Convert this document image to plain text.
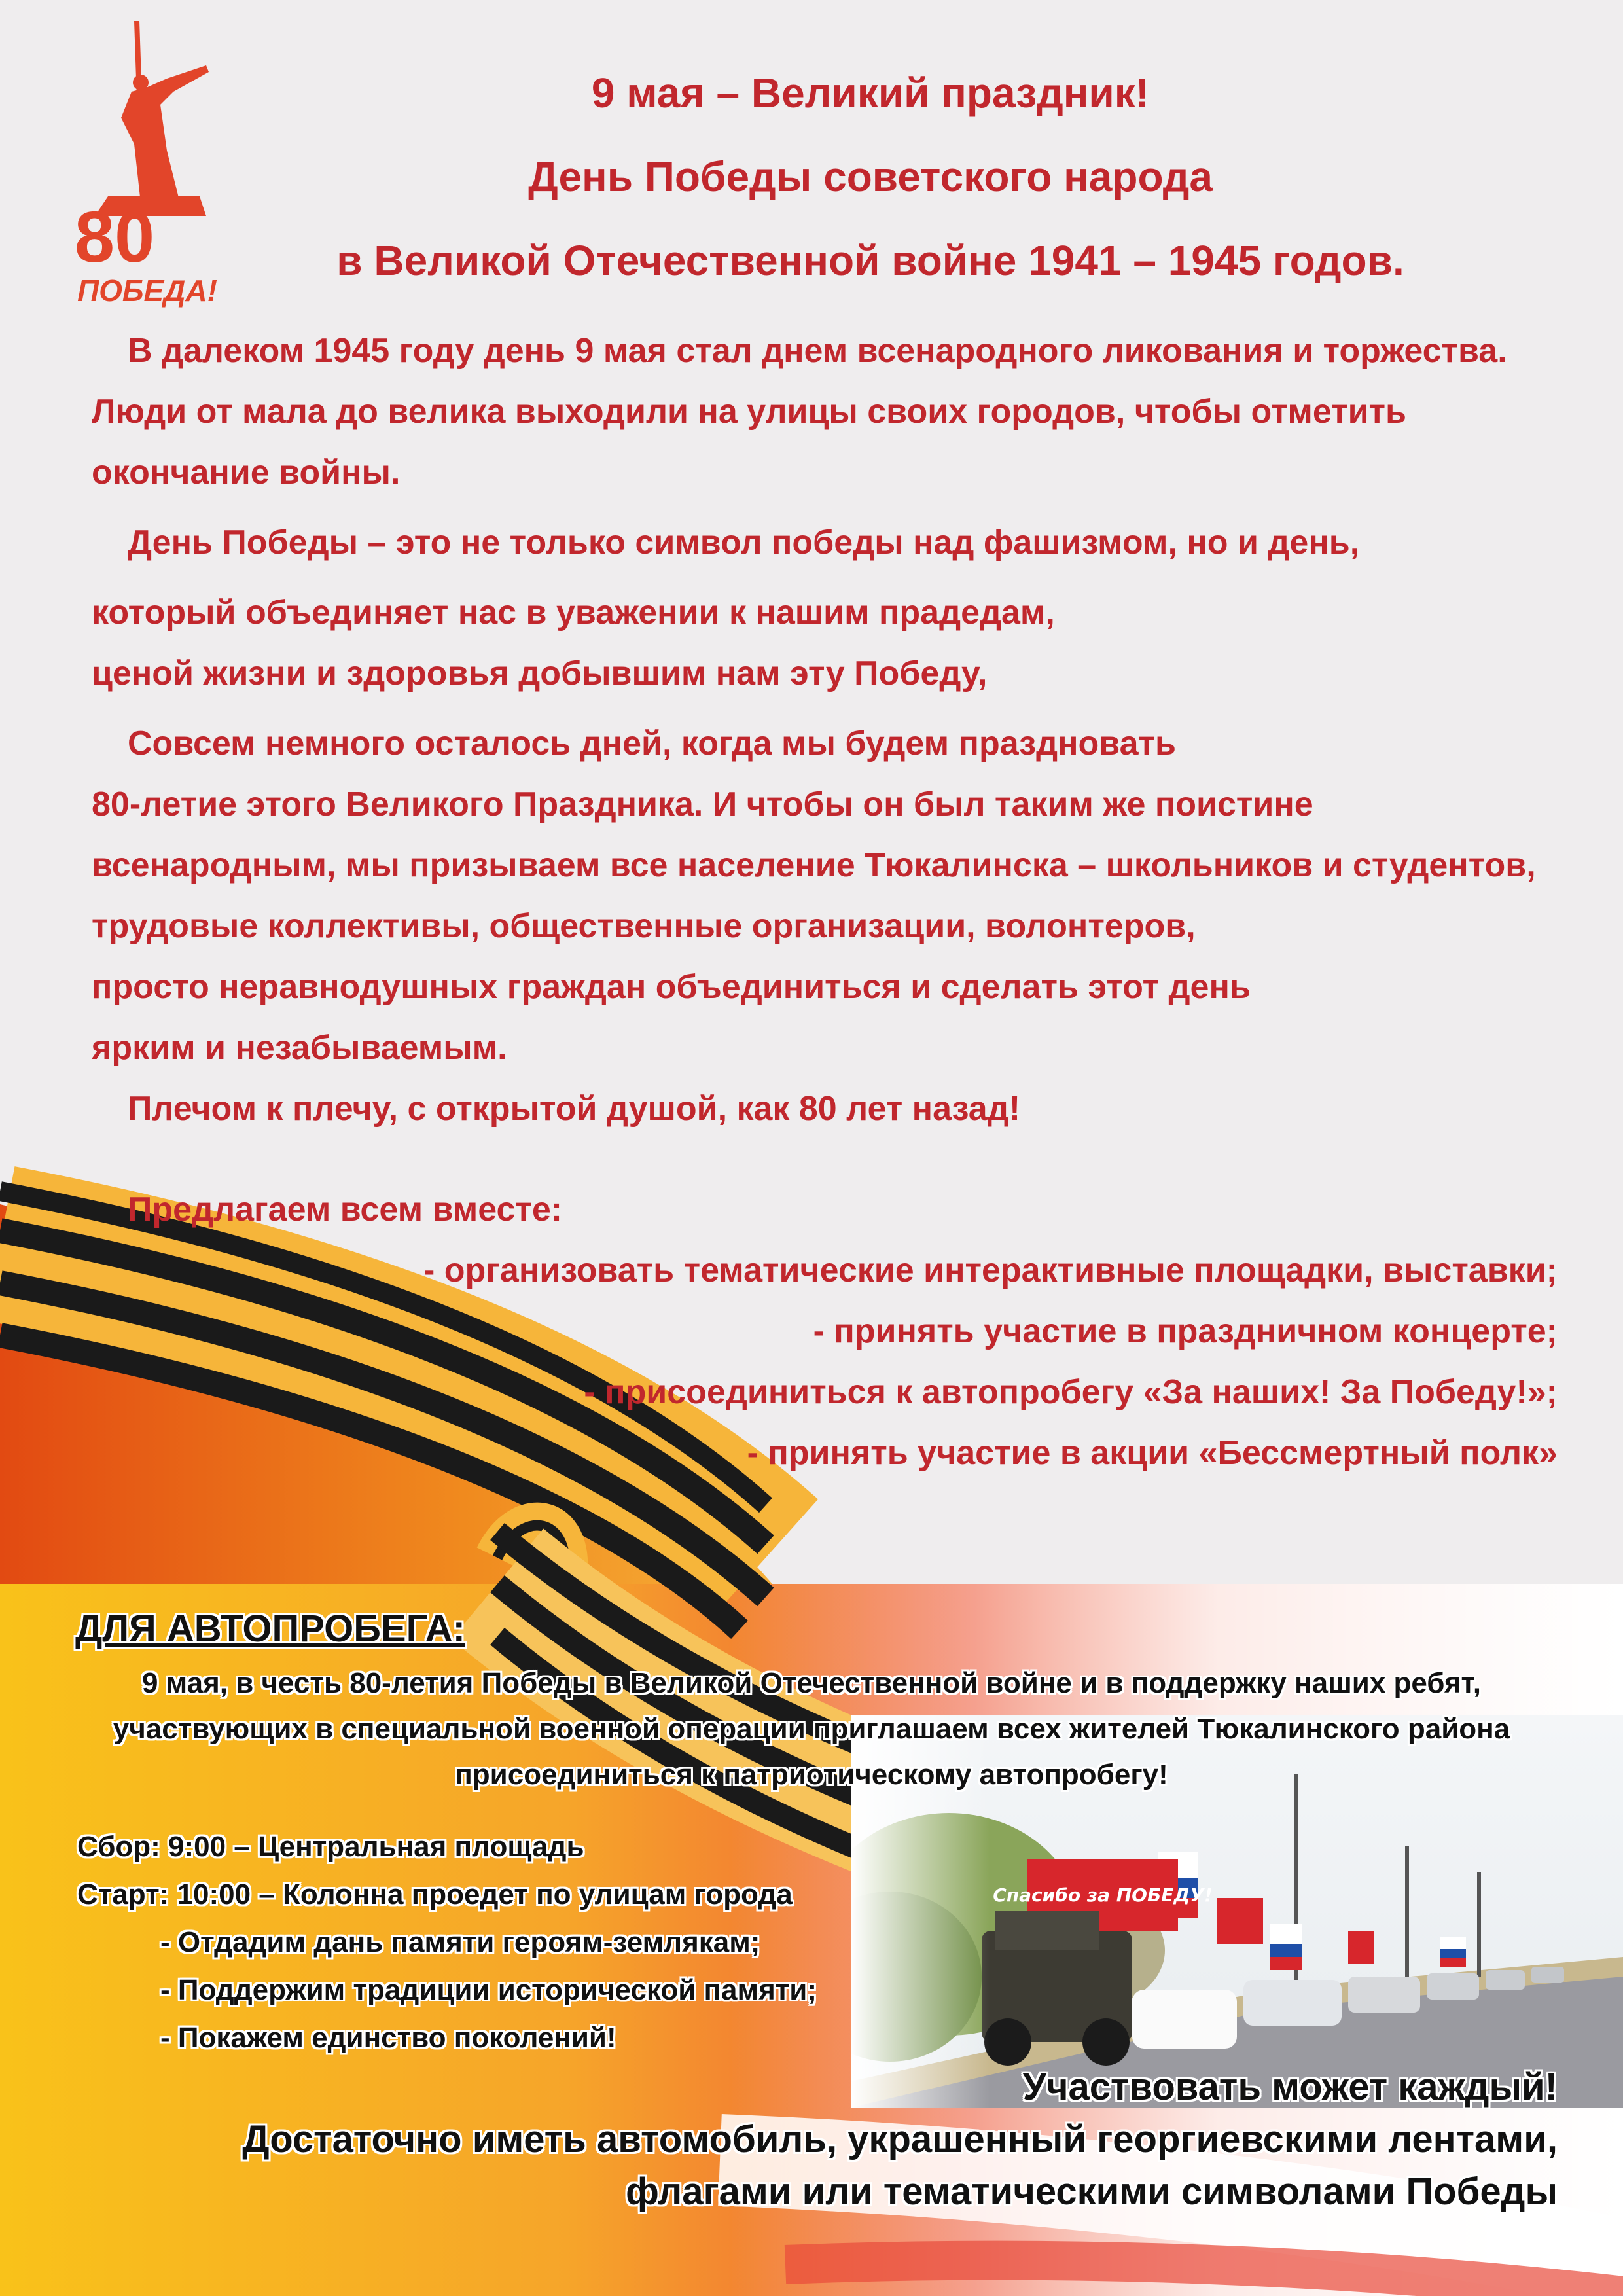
80
ПОБЕДА!
9 мая – Великий праздник!
День Победы советского народа
в Великой Отечественной войне 1941 – 1945 годов.
В далеком 1945 году день 9 мая стал днем всенародного ликования и торжества.
Люди от мала до велика выходили на улицы своих городов, чтобы отметить
окончание войны.
День Победы – это не только символ победы над фашизмом, но и день,
который объединяет нас в уважении к нашим прадедам,
ценой жизни и здоровья добывшим нам эту Победу,
Совсем немного осталось дней, когда мы будем праздновать
80-летие этого Великого Праздника. И чтобы он был таким же поистине
всенародным, мы призываем все население Тюкалинска – школьников и студентов,
трудовые коллективы, общественные организации, волонтеров,
просто неравнодушных граждан объединиться и сделать этот день
ярким и незабываемым.
Плечом к плечу, с открытой душой, как 80 лет назад!
Предлагаем всем вместе:
- организовать тематические интерактивные площадки, выставки;
- принять участие в праздничном концерте;
- присоединиться к автопробегу «За наших! За Победу!»;
- принять участие в акции «Бессмертный полк»
ДЛЯ АВТОПРОБЕГА:
9 мая, в честь 80-летия Победы в Великой Отечественной войне и в поддержку наших ребят,
участвующих в специальной военной операции приглашаем всех жителей Тюкалинского района
присоединиться к патриотическому автопробегу!
Сбор: 9:00 – Центральная площадь
Старт: 10:00 – Колонна проедет по улицам города
- Отдадим дань памяти героям-землякам;
- Поддержим традиции исторической памяти;
- Покажем единство поколений!
Участвовать может каждый!
Достаточно иметь автомобиль, украшенный георгиевскими лентами,
флагами или тематическими символами Победы
